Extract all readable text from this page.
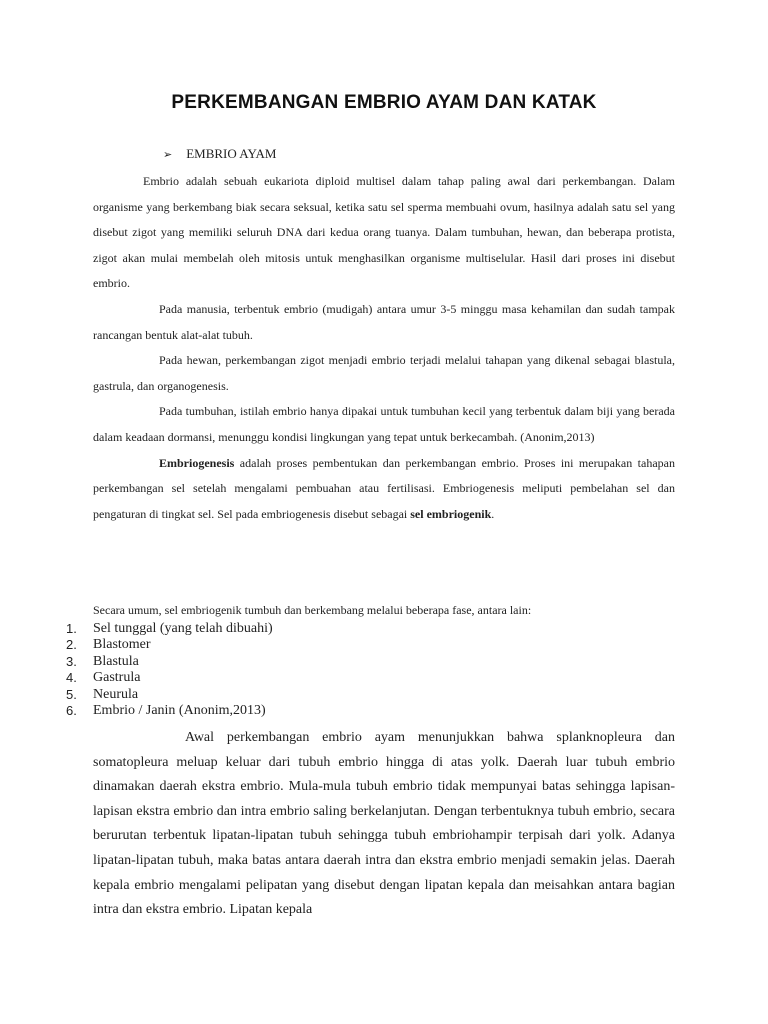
PERKEMBANGAN EMBRIO AYAM DAN KATAK
➢ EMBRIO AYAM

Embrio adalah sebuah eukariota diploid multisel dalam tahap paling awal dari perkembangan. Dalam organisme yang berkembang biak secara seksual, ketika satu sel sperma membuahi ovum, hasilnya adalah satu sel yang disebut zigot yang memiliki seluruh DNA dari kedua orang tuanya. Dalam tumbuhan, hewan, dan beberapa protista, zigot akan mulai membelah oleh mitosis untuk menghasilkan organisme multiselular. Hasil dari proses ini disebut embrio.

Pada manusia, terbentuk embrio (mudigah) antara umur 3-5 minggu masa kehamilan dan sudah tampak rancangan bentuk alat-alat tubuh.

Pada hewan, perkembangan zigot menjadi embrio terjadi melalui tahapan yang dikenal sebagai blastula, gastrula, dan organogenesis.

Pada tumbuhan, istilah embrio hanya dipakai untuk tumbuhan kecil yang terbentuk dalam biji yang berada dalam keadaan dormansi, menunggu kondisi lingkungan yang tepat untuk berkecambah. (Anonim,2013)

Embriogenesis adalah proses pembentukan dan perkembangan embrio. Proses ini merupakan tahapan perkembangan sel setelah mengalami pembuahan atau fertilisasi. Embriogenesis meliputi pembelahan sel dan pengaturan di tingkat sel. Sel pada embriogenesis disebut sebagai sel embriogenik.

Secara umum, sel embriogenik tumbuh dan berkembang melalui beberapa fase, antara lain:
1. Sel tunggal (yang telah dibuahi)
2. Blastomer
3. Blastula
4. Gastrula
5. Neurula
6. Embrio / Janin (Anonim,2013)

Awal perkembangan embrio ayam menunjukkan bahwa splanknopleura dan somatopleura meluap keluar dari tubuh embrio hingga di atas yolk. Daerah luar tubuh embrio dinamakan daerah ekstra embrio. Mula-mula tubuh embrio tidak mempunyai batas sehingga lapisan-lapisan ekstra embrio dan intra embrio saling berkelanjutan. Dengan terbentuknya tubuh embrio, secara berurutan terbentuk lipatan-lipatan tubuh sehingga tubuh embriohampir terpisah dari yolk. Adanya lipatan-lipatan tubuh, maka batas antara daerah intra dan ekstra embrio menjadi semakin jelas. Daerah kepala embrio mengalami pelipatan yang disebut dengan lipatan kepala dan meisahkan antara bagian intra dan ekstra embrio. Lipatan kepala
